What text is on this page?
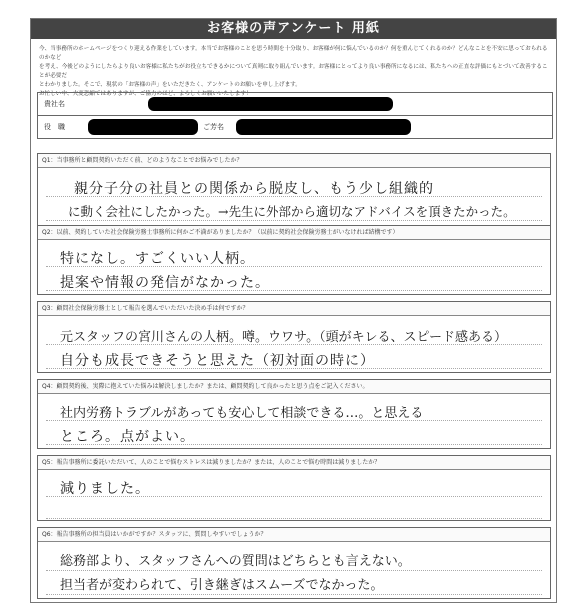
お客様の声アンケート 用紙
今、当事務所のホームページをつくり迎える作業をしています。本当でお客様のことを思う時間を十分取り、お客様が何に悩んでいるのか？何を重んじてくれるのか？どんなことを不安に思っておられるのかなど
を考え、今後どのようにしたらより良いお客様に私たちがお役立ちできるかについて真剣に取り組んでいます。お客様にとってより良い事務所になるには、私たちへの正直な評価にもとづいて改善することが必要だ
とわかりました。そこで、現状の「お客様の声」をいただきたく、アンケートのお願いを申し上げます。
お忙しい中、大変恐縮ではありますが、ご協力のほど、よろしくお願いいたします！
貴社名
役　職	ご芳名
Q1：当事務所と顧問契約いただく前、どのようなことでお悩みでしたか？
親分子分の社員との関係から脱皮し、もう少し組織的
に動く会社にしたかった。→先生に外部から適切なアドバイスを頂きたかった。
Q2：以前、契約していた社会保険労務士事務所に何かご不満がありましたか？（以前に契約社会保険労務士がいなければ結構です）
特になし。すごくいい人柄。
提案や情報の発信がなかった。
Q3：顧問社会保険労務士として報告を選んでいただいた決め手は何ですか？
元スタッフの宮川さんの人柄。噂。ウワサ。（頭がキレる、スピード感ある）
自分も成長できそうと思えた（初対面の時に）
Q4：顧問契約後、実際に抱えていた悩みは解決しましたか？または、顧問契約して良かったと思う点をご記入ください。
社内労務トラブルがあっても安心して相談できる…。と思える
ところ。点がよい。
Q5：報告事務所に委託いただいて、人のことで悩むストレスは減りましたか？または、人のことで悩む時間は減りましたか？
減りました。
Q6：報告事務所の担当員はいかがですか？スタッフに、質問しやすいでしょうか？
総務部より、スタッフさんへの質問はどちらとも言えない。
担当者が変わられて、引き継ぎはスムーズでなかった。
